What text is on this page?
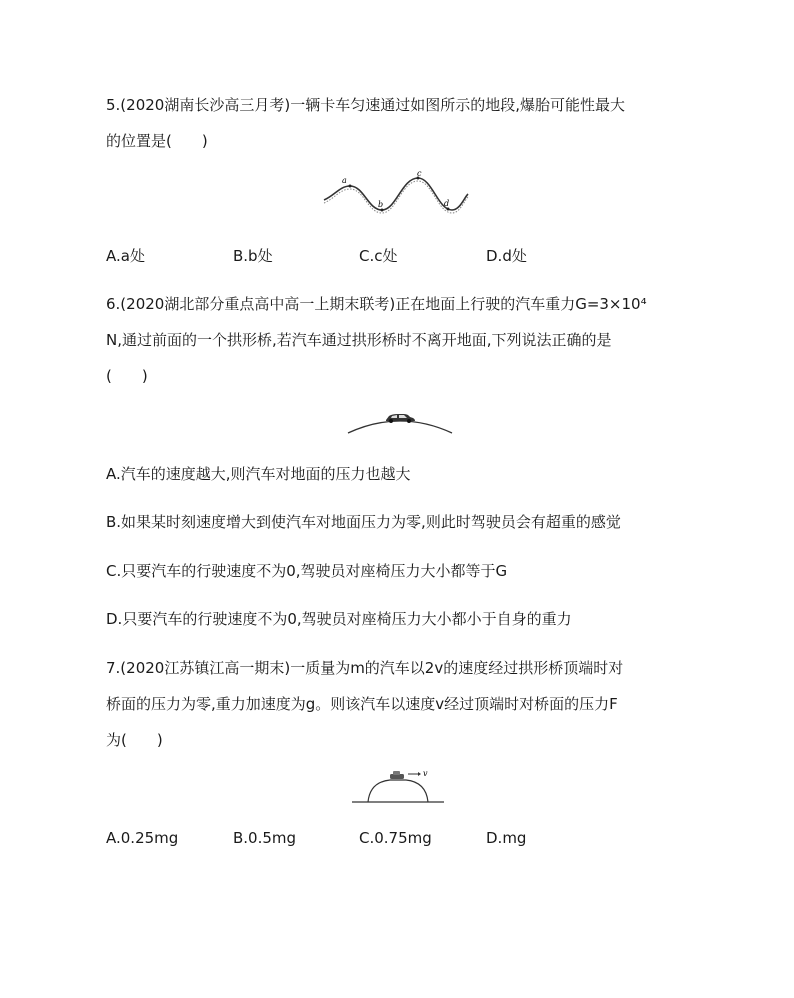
5.(2020湖南长沙高三月考)一辆卡车匀速通过如图所示的地段,爆胎可能性最大
的位置是(　　)
a
b
c
d
A.a处	B.b处	C.c处	D.d处
6.(2020湖北部分重点高中高一上期末联考)正在地面上行驶的汽车重力G=3×10⁴
N,通过前面的一个拱形桥,若汽车通过拱形桥时不离开地面,下列说法正确的是
(　　)
A.汽车的速度越大,则汽车对地面的压力也越大
B.如果某时刻速度增大到使汽车对地面压力为零,则此时驾驶员会有超重的感觉
C.只要汽车的行驶速度不为0,驾驶员对座椅压力大小都等于G
D.只要汽车的行驶速度不为0,驾驶员对座椅压力大小都小于自身的重力
7.(2020江苏镇江高一期末)一质量为m的汽车以2v的速度经过拱形桥顶端时对
桥面的压力为零,重力加速度为g。则该汽车以速度v经过顶端时对桥面的压力F
为(　　)
v
A.0.25mg	B.0.5mg	C.0.75mg	D.mg
